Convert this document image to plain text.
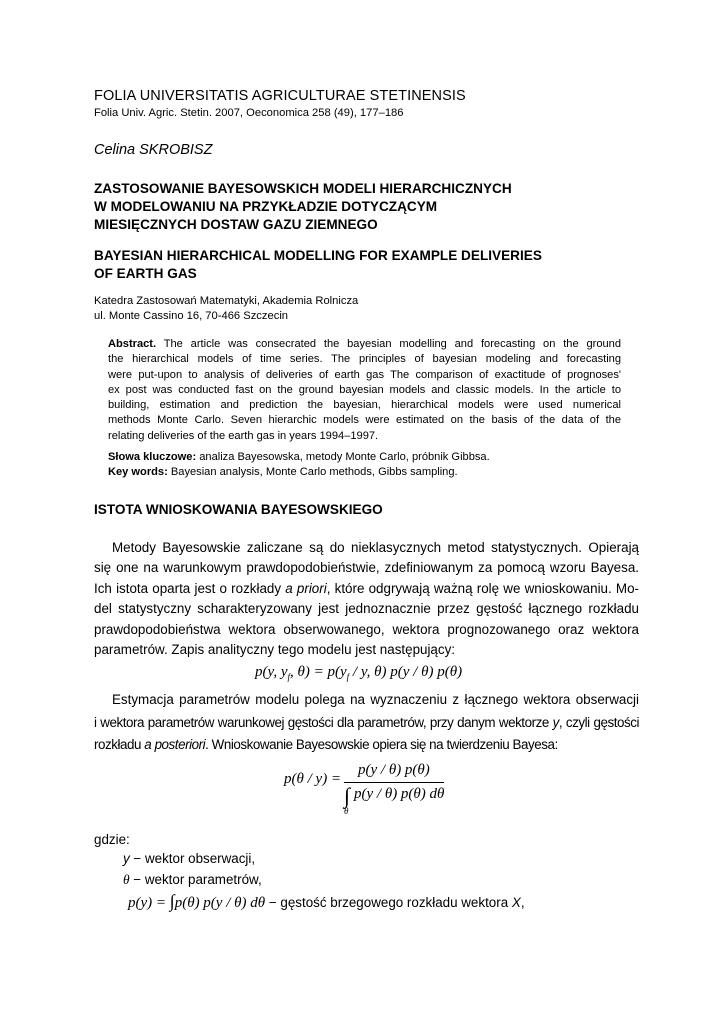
FOLIA UNIVERSITATIS AGRICULTURAE STETINENSIS
Folia Univ. Agric. Stetin. 2007, Oeconomica 258 (49), 177–186
Celina SKROBISZ
ZASTOSOWANIE BAYESOWSKICH MODELI HIERARCHICZNYCH
W MODELOWANIU NA PRZYKŁADZIE DOTYCZĄCYM
MIESIĘCZNYCH DOSTAW GAZU ZIEMNEGO
BAYESIAN HIERARCHICAL MODELLING FOR EXAMPLE DELIVERIES
OF EARTH GAS
Katedra Zastosowań Matematyki, Akademia Rolnicza
ul. Monte Cassino 16, 70-466 Szczecin
Abstract. The article was consecrated the bayesian modelling and forecasting on the ground
the hierarchical models of time series. The principles of bayesian modeling and forecasting
were put-upon to analysis of deliveries of earth gas The comparison of exactitude of prognoses'
ex post was conducted fast on the ground bayesian models and classic models. In the article to
building, estimation and prediction the bayesian, hierarchical models were used numerical
methods Monte Carlo. Seven hierarchic models were estimated on the basis of the data of the
relating deliveries of the earth gas in years 1994–1997.
Słowa kluczowe: analiza Bayesowska, metody Monte Carlo, próbnik Gibbsa.
Key words: Bayesian analysis, Monte Carlo methods, Gibbs sampling.
ISTOTA WNIOSKOWANIA BAYESOWSKIEGO
Metody Bayesowskie zaliczane są do nieklasycznych metod statystycznych. Opierają
się one na warunkowym prawdopodobieństwie, zdefiniowanym za pomocą wzoru Bayesa.
Ich istota oparta jest o rozkłady a priori, które odgrywają ważną rolę we wnioskowaniu. Mo-
del statystyczny scharakteryzowany jest jednoznacznie przez gęstość łącznego rozkładu
prawdopodobieństwa wektora obserwowanego, wektora prognozowanego oraz wektora
parametrów. Zapis analityczny tego modelu jest następujący:
p(y, $y_f$, $\theta) = p(y_f / y$, θ) p(y / θ) p(θ)
Estymacja parametrów modelu polega na wyznaczeniu z łącznego wektora obserwacji
i wektora parametrów warunkowej gęstości dla parametrów, przy danym wektorze y, czyli gęstości
rozkładu a posteriori. Wnioskowanie Bayesowskie opiera się na twierdzeniu Bayesa:
p(θ / y) =
p(y / θ) p(θ)
∫ p(y / θ) p(θ) dθ
θ
gdzie:
y − wektor obserwacji,
θ − wektor parametrów,
p(y) = ∫p(θ) p(y / θ) dθ − gęstość brzegowego rozkładu wektora X,
